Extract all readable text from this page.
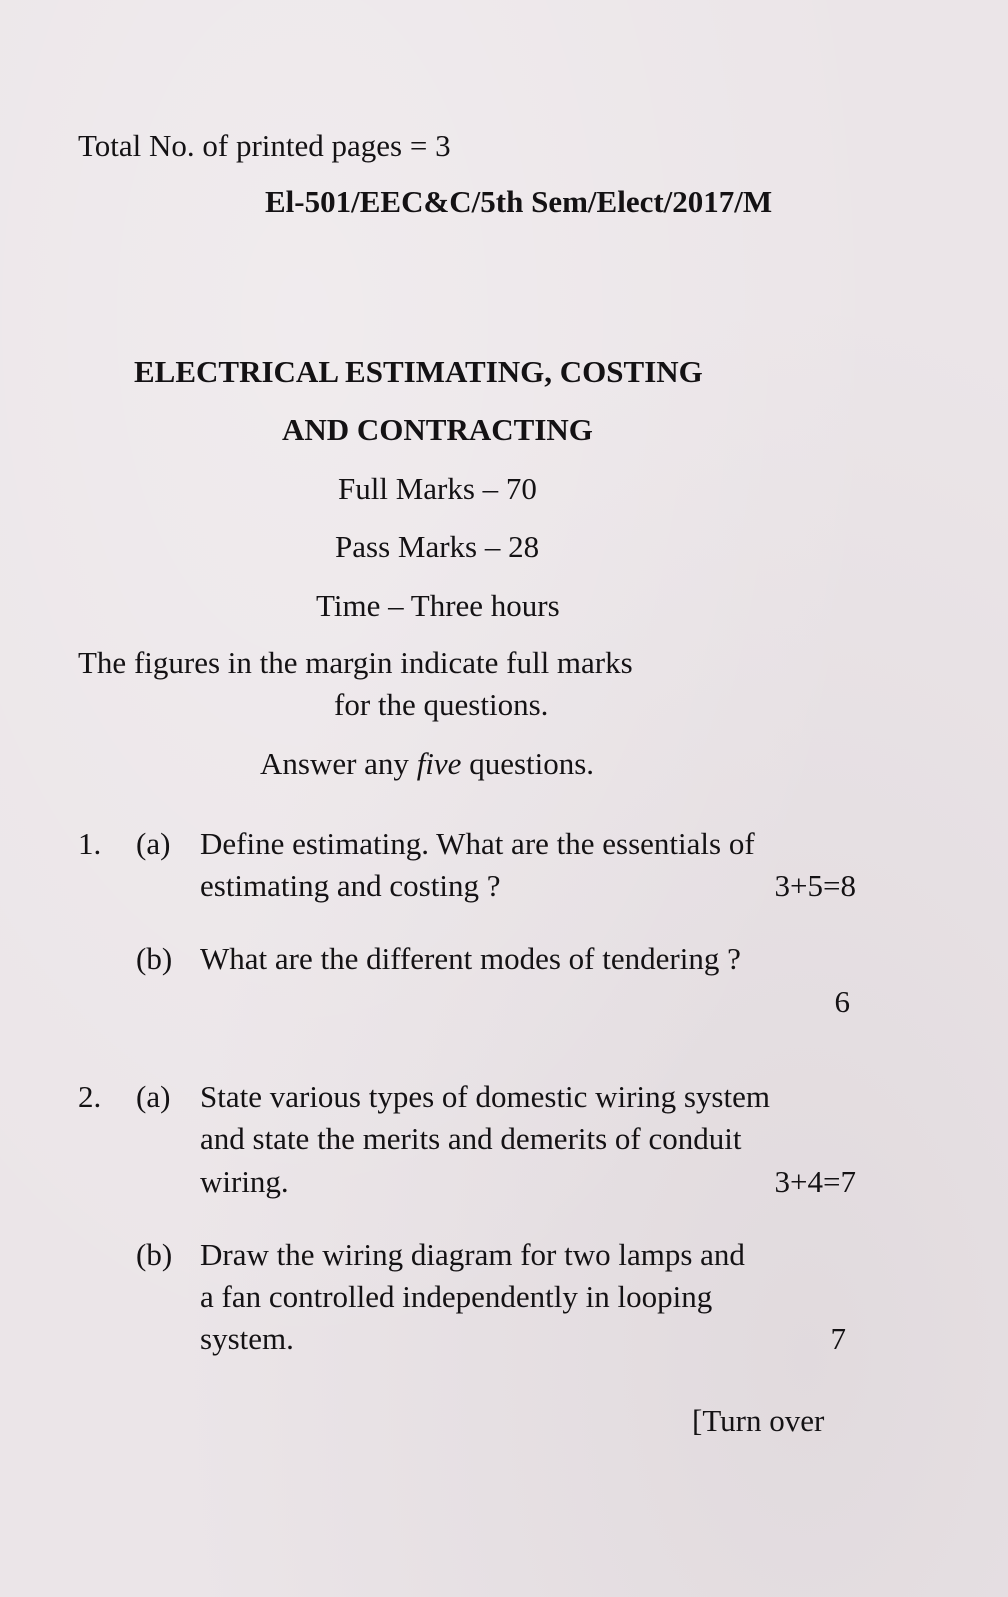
Total No. of printed pages = 3
El-501/EEC&C/5th Sem/Elect/2017/M
ELECTRICAL ESTIMATING, COSTING
AND CONTRACTING
Full Marks – 70
Pass Marks – 28
Time – Three hours
The figures in the margin indicate full marks
for the questions.
Answer any five questions.
1. (a) Define estimating. What are the essentials of
estimating and costing ?	3+5=8
(b) What are the different modes of tendering ?
6
2. (a) State various types of domestic wiring system
and state the merits and demerits of conduit
wiring.	3+4=7
(b) Draw the wiring diagram for two lamps and
a fan controlled independently in looping
system.	7
[Turn over
